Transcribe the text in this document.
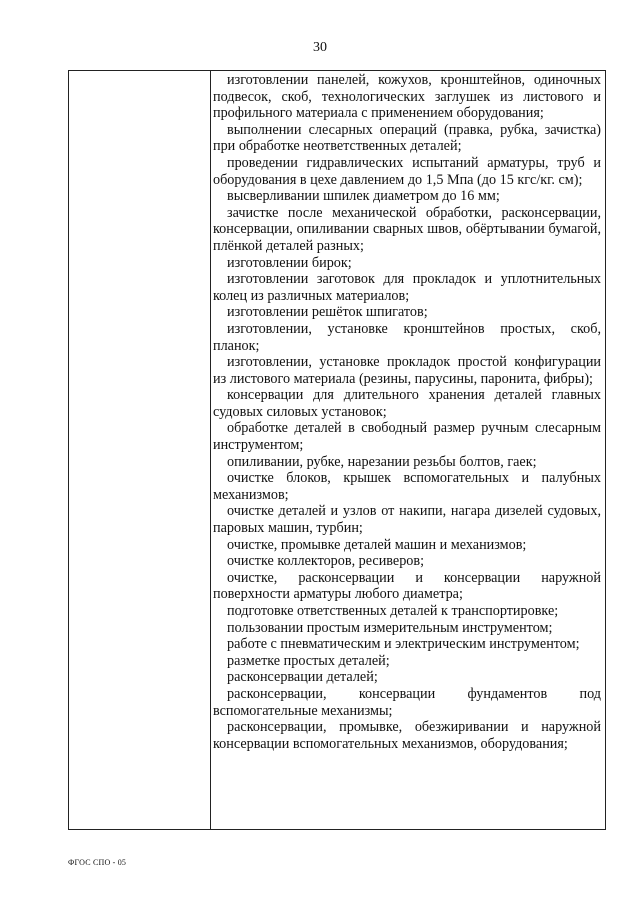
30

изготовлении панелей, кожухов, кронштейнов, одиночных подвесок, скоб, технологических заглушек из листового и профильного материала с применением оборудования;

выполнении слесарных операций (правка, рубка, зачистка) при обработке неответственных деталей;

проведении гидравлических испытаний арматуры, труб и оборудования в цехе давлением до 1,5 Мпа (до 15 кгс/кг. см);

высверливании шпилек диаметром до 16 мм;

зачистке после механической обработки, расконсервации, консервации, опиливании сварных швов, обёртывании бумагой, плёнкой деталей разных;

изготовлении бирок;

изготовлении заготовок для прокладок и уплотнительных колец из различных материалов;

изготовлении решёток шпигатов;

изготовлении, установке кронштейнов простых, скоб, планок;

изготовлении, установке прокладок простой конфигурации из листового материала (резины, парусины, паронита, фибры);

консервации для длительного хранения деталей главных судовых силовых установок;

обработке деталей в свободный размер ручным слесарным инструментом;

опиливании, рубке, нарезании резьбы болтов, гаек;

очистке блоков, крышек вспомогательных и палубных механизмов;

очистке деталей и узлов от накипи, нагара дизелей судовых, паровых машин, турбин;

очистке, промывке деталей машин и механизмов;

очистке коллекторов, ресиверов;

очистке, расконсервации и консервации наружной поверхности арматуры любого диаметра;

подготовке ответственных деталей к транспортировке;

пользовании простым измерительным инструментом;

работе с пневматическим и электрическим инструментом;

разметке простых деталей;

расконсервации деталей;

расконсервации, консервации фундаментов под вспомогательные механизмы;

расконсервации, промывке, обезжиривании и наружной консервации вспомогательных механизмов, оборудования;

ФГОС СПО - 05
